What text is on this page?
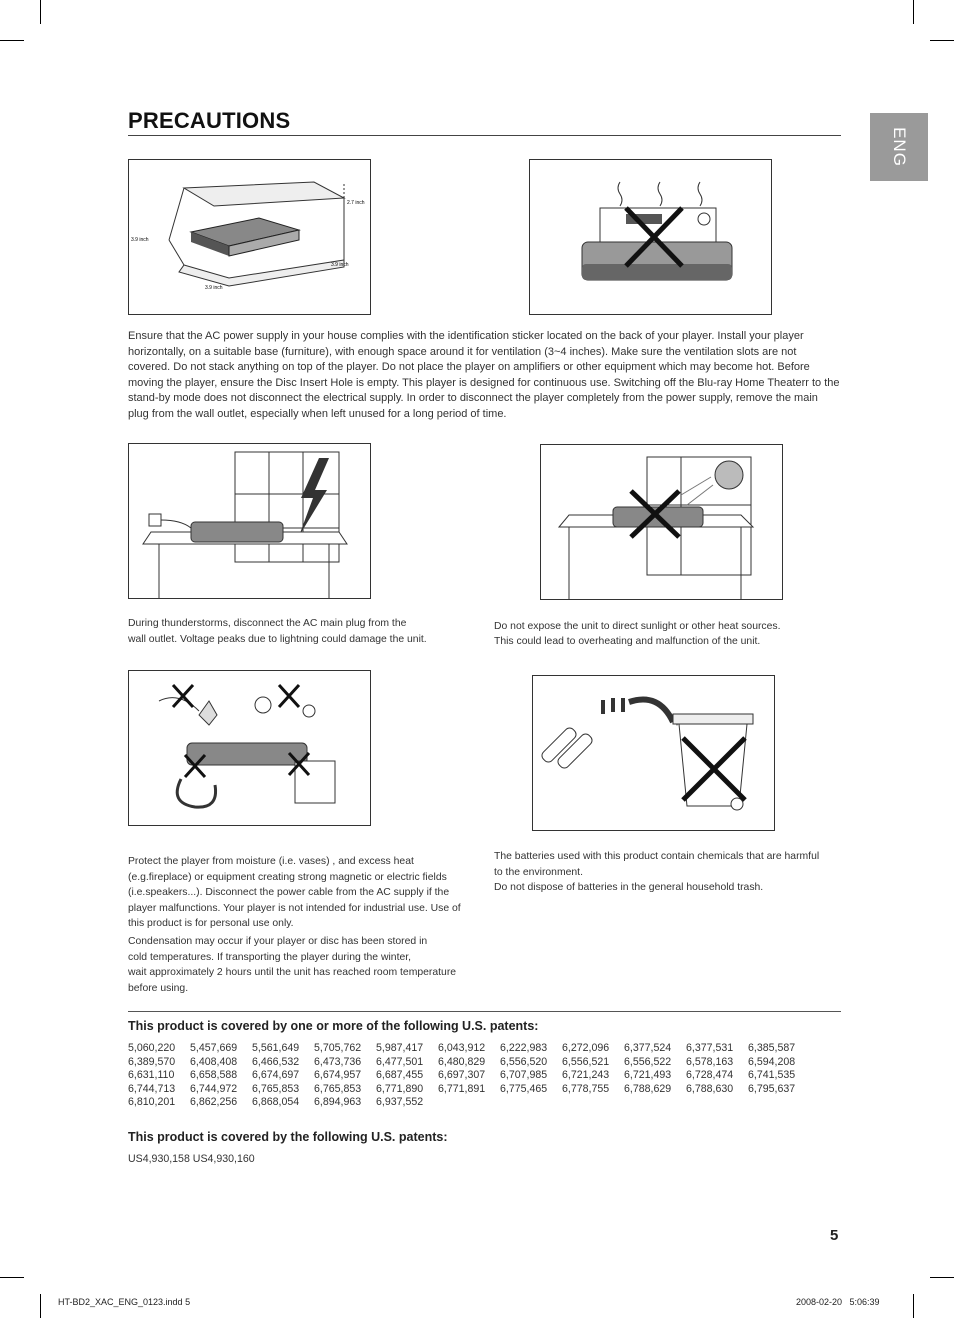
PRECAUTIONS
ENG
2.7 inch
3.9 inch
3.9 inch
3.9 inch
Ensure that the AC power supply in your house complies with the identification sticker located on the back of your player. Install your player horizontally, on a suitable base (furniture), with enough space around it for ventilation (3~4 inches). Make sure the ventilation slots are not covered. Do not stack anything on top of the player. Do not place the player on amplifiers or other equipment which may become hot. Before moving the player, ensure the Disc Insert Hole is empty. This player is designed for continuous use. Switching off the Blu-ray Home Theaterr to the stand-by mode does not disconnect the electrical supply. In order to disconnect the player completely from the power supply, remove the main plug from the wall outlet, especially when left unused for a long period of time.
During thunderstorms, disconnect the AC main plug from the
wall outlet. Voltage peaks due to lightning could damage the unit.
Do not expose the unit to direct sunlight or other heat sources.
This could lead to overheating and malfunction of the unit.
Protect the player from moisture (i.e. vases) , and excess heat (e.g.fireplace) or equipment creating strong magnetic or electric fields (i.e.speakers...). Disconnect the power cable from the AC supply if the player malfunctions. Your player is not intended for industrial use. Use of this product is for personal use only.
Condensation may occur if your player or disc has been stored in
cold temperatures. If transporting the player during the winter,
wait approximately 2 hours until the unit has reached room temperature
before using.
The batteries used with this product contain chemicals that are harmful
to the environment.
Do not dispose of batteries in the general household trash.
This product is covered by one or more of the following U.S. patents:
5,060,220	5,457,669	5,561,649	5,705,762	5,987,417	6,043,912	6,222,983	6,272,096	6,377,524	6,377,531	6,385,587
6,389,570	6,408,408	6,466,532	6,473,736	6,477,501	6,480,829	6,556,520	6,556,521	6,556,522	6,578,163	6,594,208
6,631,110	6,658,588	6,674,697	6,674,957	6,687,455	6,697,307	6,707,985	6,721,243	6,721,493	6,728,474	6,741,535
6,744,713	6,744,972	6,765,853	6,765,853	6,771,890	6,771,891	6,775,465	6,778,755	6,788,629	6,788,630	6,795,637
6,810,201	6,862,256	6,868,054	6,894,963	6,937,552
This product is covered by the following U.S. patents:
US4,930,158 US4,930,160
5
HT-BD2_XAC_ENG_0123.indd 5	2008-02-20   5:06:39
